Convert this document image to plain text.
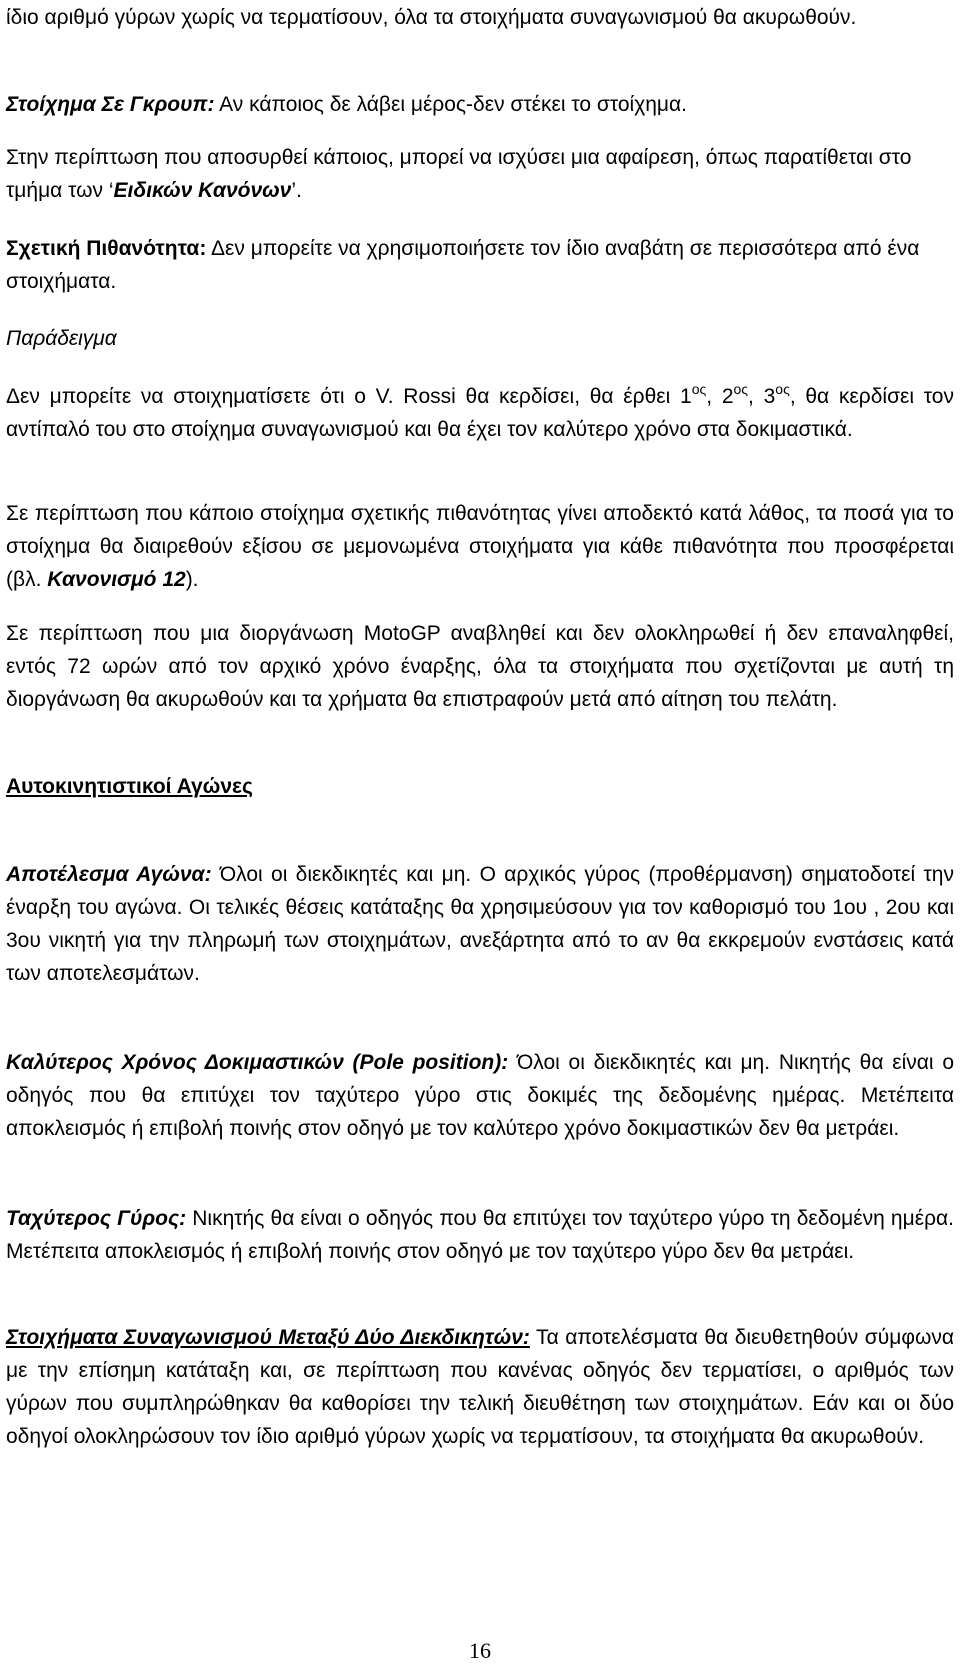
ίδιο αριθμό γύρων χωρίς να τερματίσουν, όλα τα στοιχήματα συναγωνισμού θα ακυρωθούν.

Στοίχημα Σε Γκρουπ: Αν κάποιος δε λάβει μέρος-δεν στέκει το στοίχημα.

Στην περίπτωση που αποσυρθεί κάποιος, μπορεί να ισχύσει μια αφαίρεση, όπως παρατίθεται στο τμήμα των ‘Ειδικών Κανόνων’.

Σχετική Πιθανότητα: Δεν μπορείτε να χρησιμοποιήσετε τον ίδιο αναβάτη σε περισσότερα από ένα στοιχήματα.

Παράδειγμα

Δεν μπορείτε να στοιχηματίσετε ότι ο V. Rossi θα κερδίσει, θα έρθει $1^{o\varsigma}$, $2^{o\varsigma}$, $3^{o\varsigma}$, θα κερδίσει τον αντίπαλό του στο στοίχημα συναγωνισμού και θα έχει τον καλύτερο χρόνο στα δοκιμαστικά.

Σε περίπτωση που κάποιο στοίχημα σχετικής πιθανότητας γίνει αποδεκτό κατά λάθος, τα ποσά για το στοίχημα θα διαιρεθούν εξίσου σε μεμονωμένα στοιχήματα για κάθε πιθανότητα που προσφέρεται (βλ. Κανονισμό 12).

Σε περίπτωση που μια διοργάνωση MotoGP αναβληθεί και δεν ολοκληρωθεί ή δεν επαναληφθεί, εντός 72 ωρών από τον αρχικό χρόνο έναρξης, όλα τα στοιχήματα που σχετίζονται με αυτή τη διοργάνωση θα ακυρωθούν και τα χρήματα θα επιστραφούν μετά από αίτηση του πελάτη.

Αυτοκινητιστικοί Αγώνες

Αποτέλεσμα Αγώνα: Όλοι οι διεκδικητές και μη. Ο αρχικός γύρος (προθέρμανση) σηματοδοτεί την έναρξη του αγώνα. Οι τελικές θέσεις κατάταξης θα χρησιμεύσουν για τον καθορισμό του 1ου , 2ου και 3ου νικητή για την πληρωμή των στοιχημάτων, ανεξάρτητα από το αν θα εκκρεμούν ενστάσεις κατά των αποτελεσμάτων.

Καλύτερος Χρόνος Δοκιμαστικών (Pole position): Όλοι οι διεκδικητές και μη. Νικητής θα είναι ο οδηγός που θα επιτύχει τον ταχύτερο γύρο στις δοκιμές της δεδομένης ημέρας. Μετέπειτα αποκλεισμός ή επιβολή ποινής στον οδηγό με τον καλύτερο χρόνο δοκιμαστικών δεν θα μετράει.

Ταχύτερος Γύρος: Νικητής θα είναι ο οδηγός που θα επιτύχει τον ταχύτερο γύρο τη δεδομένη ημέρα. Μετέπειτα αποκλεισμός ή επιβολή ποινής στον οδηγό με τον ταχύτερο γύρο δεν θα μετράει.

Στοιχήματα Συναγωνισμού Μεταξύ Δύο Διεκδικητών: Τα αποτελέσματα θα διευθετηθούν σύμφωνα με την επίσημη κατάταξη και, σε περίπτωση που κανένας οδηγός δεν τερματίσει, ο αριθμός των γύρων που συμπληρώθηκαν θα καθορίσει την τελική διευθέτηση των στοιχημάτων. Εάν και οι δύο οδηγοί ολοκληρώσουν τον ίδιο αριθμό γύρων χωρίς να τερματίσουν, τα στοιχήματα θα ακυρωθούν.

16
